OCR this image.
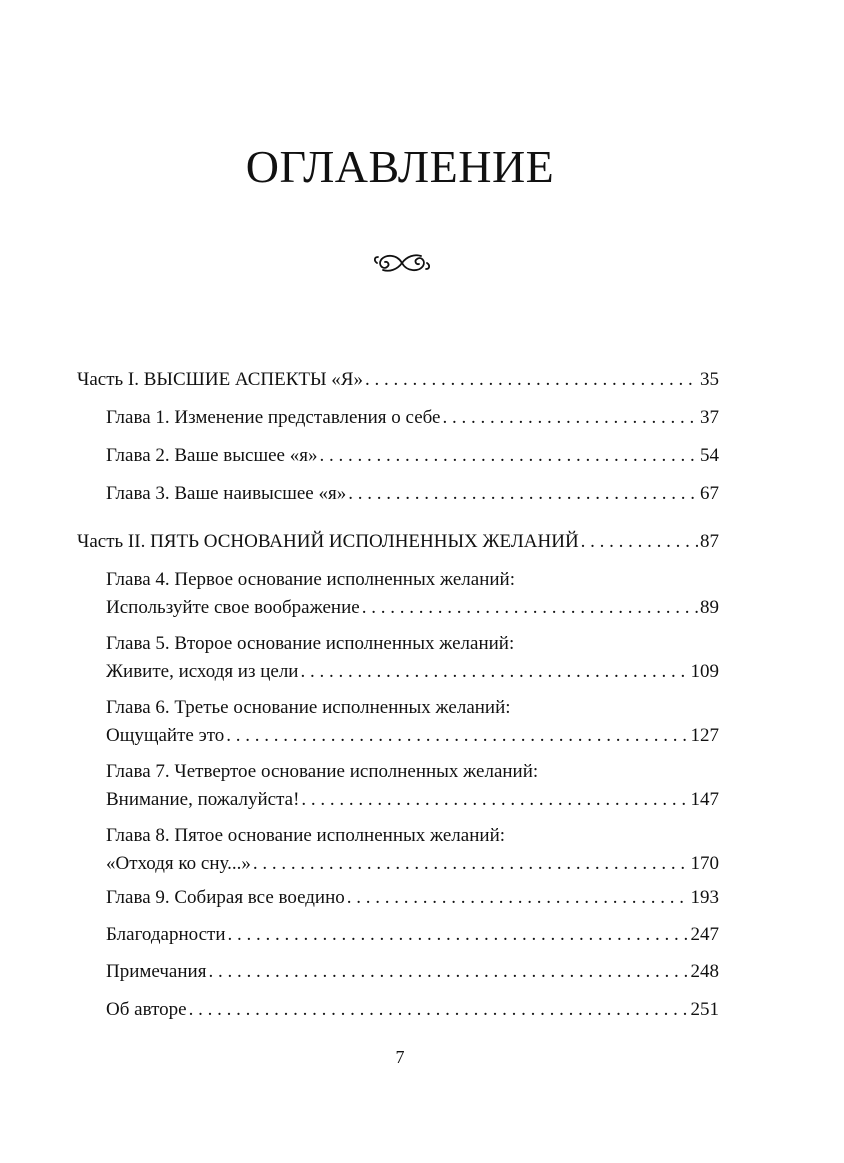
ОГЛАВЛЕНИЕ
Часть I. ВЫСШИЕ АСПЕКТЫ «Я» . . .	35
Глава 1. Изменение представления о себе . . .	37
Глава 2. Ваше высшее «я» . . .	54
Глава 3. Ваше наивысшее «я» . . .	67
Часть II. ПЯТЬ ОСНОВАНИЙ ИСПОЛНЕННЫХ ЖЕЛАНИЙ . . .	87
Глава 4. Первое основание исполненных желаний:
Используйте свое воображение . . .	89
Глава 5. Второе основание исполненных желаний:
Живите, исходя из цели . . .	109
Глава 6. Третье основание исполненных желаний:
Ощущайте это . . .	127
Глава 7. Четвертое основание исполненных желаний:
Внимание, пожалуйста! . . .	147
Глава 8. Пятое основание исполненных желаний:
«Отходя ко сну...» . . .	170
Глава 9. Собирая все воедино . . .	193
Благодарности . . .	247
Примечания . . .	248
Об авторе . . .	251
7
